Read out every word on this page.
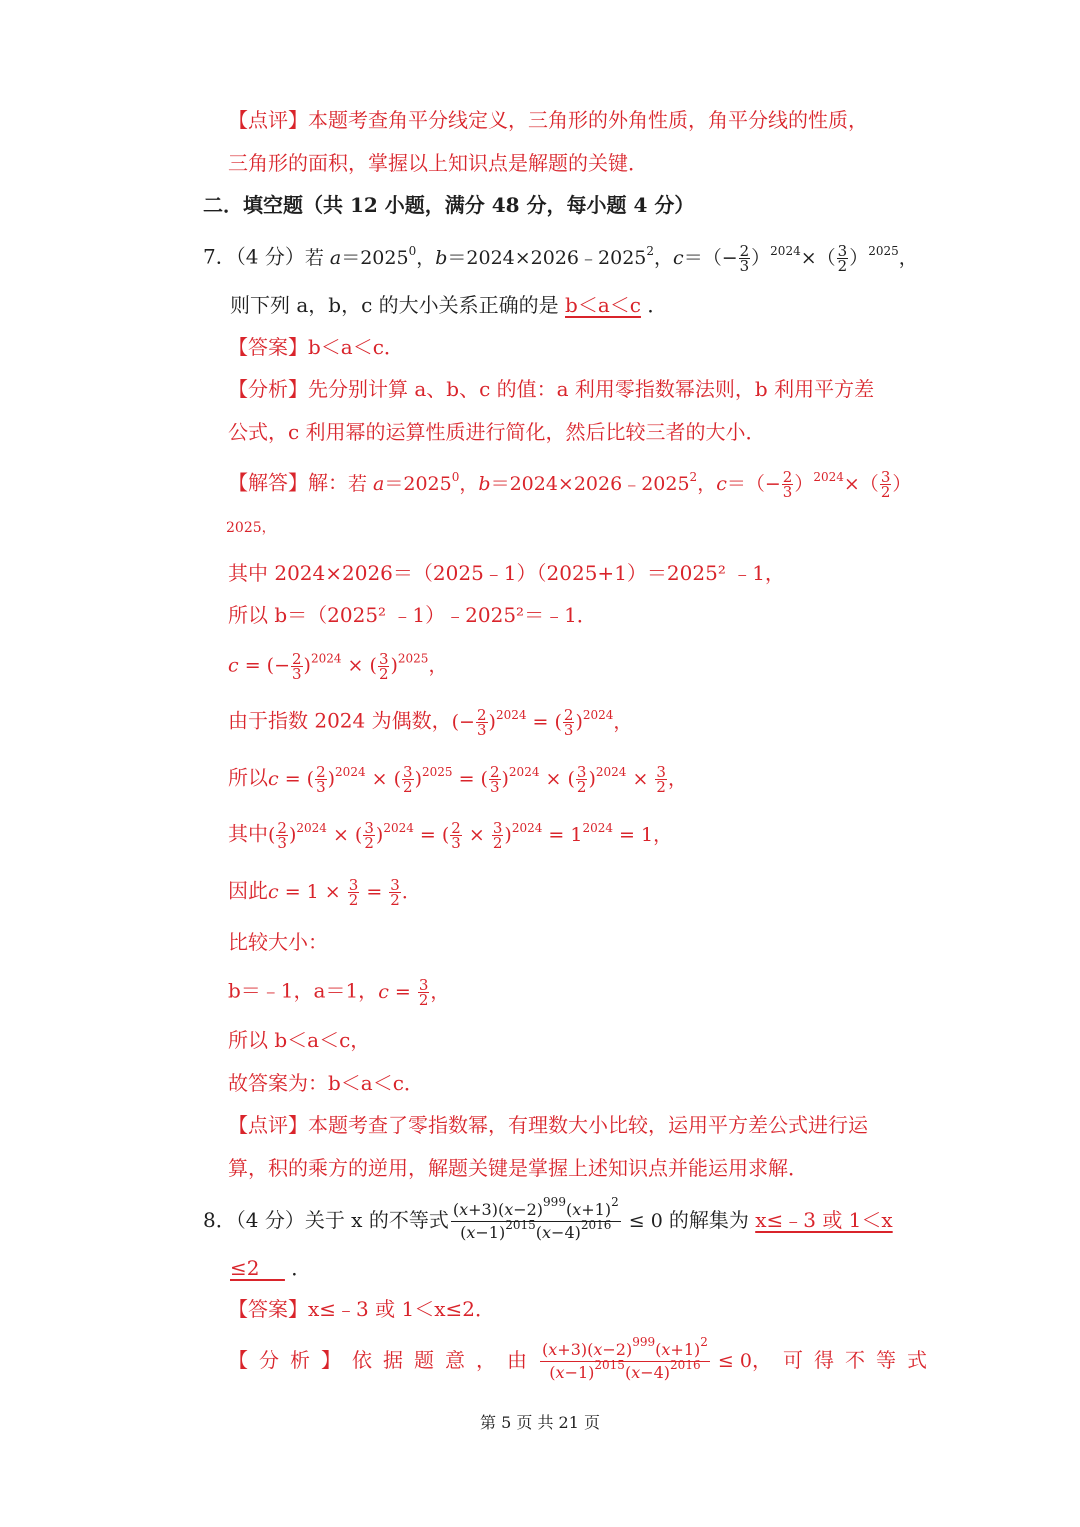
【点评】本题考查角平分线定义，三角形的外角性质，角平分线的性质，
三角形的面积，掌握以上知识点是解题的关键．
二．填空题（共 12 小题，满分 48 分，每小题 4 分）
7．（4 分）若 $a=2025^0$，$b=2024\times 2026﹣2025^2$，$c=(- \frac{2}{3} )^{2024}\times( \frac{3}{2} )^{2025}$，
则下列 a，b，c 的大小关系正确的是 b＜a＜c ．
【答案】b＜a＜c．
【分析】先分别计算 a、b、c 的值：a 利用零指数幂法则，b 利用平方差
公式，c 利用幂的运算性质进行简化，然后比较三者的大小．
【解答】解：若 $a=2025^0$，$b=2024\times 2026﹣2025^2$，$c=(- \frac{2}{3} )^{2024}\times( \frac{3}{2}$ ）
2025，
其中 2024×2026＝（2025﹣1）（2025+1）＝2025² ﹣1，
所以 b＝（2025² ﹣1）﹣2025²＝﹣1．
c = (− $\frac{2}{3} )^{2024}$ × ( $\frac{3}{2} )^{2025}$，
由于指数 2024 为偶数，(− $\frac{2}{3} )^{2024}$ = ( $\frac{2}{3} )^{2024}$，
所以c = ( $\frac{2}{3} )^{2024}$ × ( $\frac{3}{2} )^{2025}$ = ( $\frac{2}{3} )^{2024}$ × ( $\frac{3}{2} )^{2024} \times \frac{3}{2}$ ，
其中( $\frac{2}{3} )^{2024}$ × ( $\frac{3}{2} )^{2024}$ = ( $\frac{2}{3} \times \frac{3}{2} )^{2024} = 1^{2024} = 1$，
因此$c = 1 \times \frac{3}{2} = \frac{3}{2}$ ．
比较大小：
b＝﹣1，a＝1，$c = \frac{3}{2}$ ，
所以 b＜a＜c，
故答案为：b＜a＜c．
【点评】本题考查了零指数幂，有理数大小比较，运用平方差公式进行运
算，积的乘方的逆用，解题关键是掌握上述知识点并能运用求解．
8．（4 分）关于 x 的不等式 $\frac{(x+3)(x-2)^{999}(x+1)^2}{(x-1)^{2015}(x-4)^{2016}} \le 0$ 的解集为 x≤﹣3 或 1＜x
≤2 ．
【答案】x≤﹣3 或 1＜x≤2．
【分析】依据题意，由 $\frac{(x+3)(x-2)^{999}(x+1)^2}{(x-1)^{2015}(x-4)^{2016}} \le 0$，可得不等式
第 5 页 共 21 页
